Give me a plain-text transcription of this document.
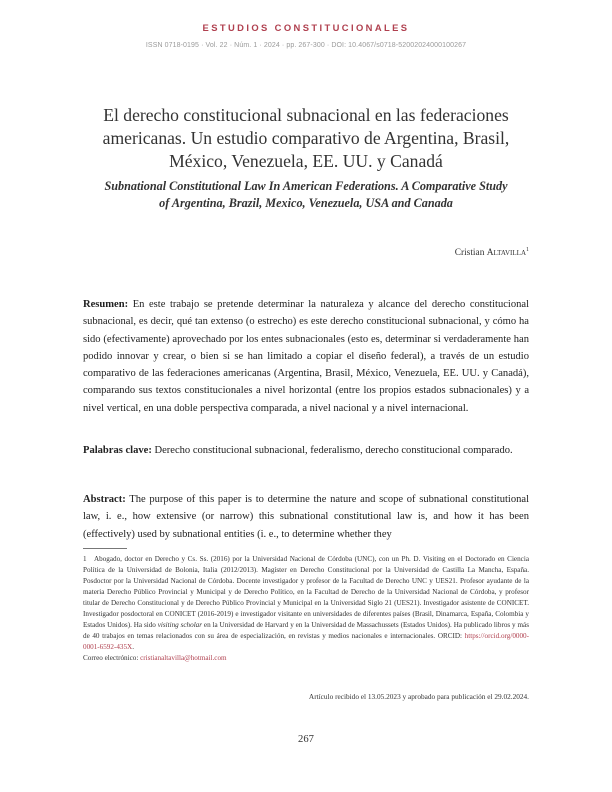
ESTUDIOS CONSTITUCIONALES
ISSN 0718-0195 · Vol. 22 · Núm. 1 · 2024 · pp. 267-300 · DOI: 10.4067/s0718-52002024000100267
El derecho constitucional subnacional en las federaciones
americanas. Un estudio comparativo de Argentina, Brasil,
México, Venezuela, EE. UU. y Canadá
Subnational Constitutional Law In American Federations. A Comparative Study
of Argentina, Brazil, Mexico, Venezuela, USA and Canada
Cristian Altavilla$^1$

Resumen: En este trabajo se pretende determinar la naturaleza y alcance del derecho constitucional subnacional, es decir, qué tan extenso (o estrecho) es este derecho constitucional subnacional, y cómo ha sido (efectivamente) aprovechado por los entes subnacionales (esto es, determinar si verdaderamente han podido innovar y crear, o bien si se han limitado a copiar el diseño federal), a través de un estudio comparativo de las federaciones americanas (Argentina, Brasil, México, Venezuela, EE. UU. y Canadá), comparando sus textos constitucionales a nivel horizontal (entre los propios estados subnacionales) y a nivel vertical, en una doble perspectiva comparada, a nivel nacional y a nivel internacional.

Palabras clave: Derecho constitucional subnacional, federalismo, derecho constitucional comparado.

Abstract: The purpose of this paper is to determine the nature and scope of subnational constitutional law, i. e., how extensive (or narrow) this subnational constitutional law is, and how it has been (effectively) used by subnational entities (i. e., to determine whether they

1 Abogado, doctor en Derecho y Cs. Ss. (2016) por la Universidad Nacional de Córdoba (UNC), con un Ph. D. Visiting en el Doctorado en Ciencia Política de la Universidad de Bolonia, Italia (2012/2013). Magíster en Derecho Constitucional por la Universidad de Castilla La Mancha, España. Posdoctor por la Universidad Nacional de Córdoba. Docente investigador y profesor de la Facultad de Derecho UNC y UES21. Profesor ayudante de la materia Derecho Público Provincial y Municipal y de Derecho Político, en la Facultad de Derecho de la Universidad Nacional de Córdoba, y profesor titular de Derecho Constitucional y de Derecho Público Provincial y Municipal en la Universidad Siglo 21 (UES21). Investigador asistente de CONICET. Investigador posdoctoral en CONICET (2016-2019) e investigador visitante en universidades de diferentes países (Brasil, Dinamarca, España, Colombia y Estados Unidos). Ha sido visiting scholar en la Universidad de Harvard y en la Universidad de Massachussets (Estados Unidos). Ha publicado libros y más de 40 trabajos en temas relacionados con su área de especialización, en revistas y medios nacionales e internacionales. ORCID: https://orcid.org/0000-0001-6592-435X.
Correo electrónico: cristianaltavilla@hotmail.com

Artículo recibido el 13.05.2023 y aprobado para publicación el 29.02.2024.
267
